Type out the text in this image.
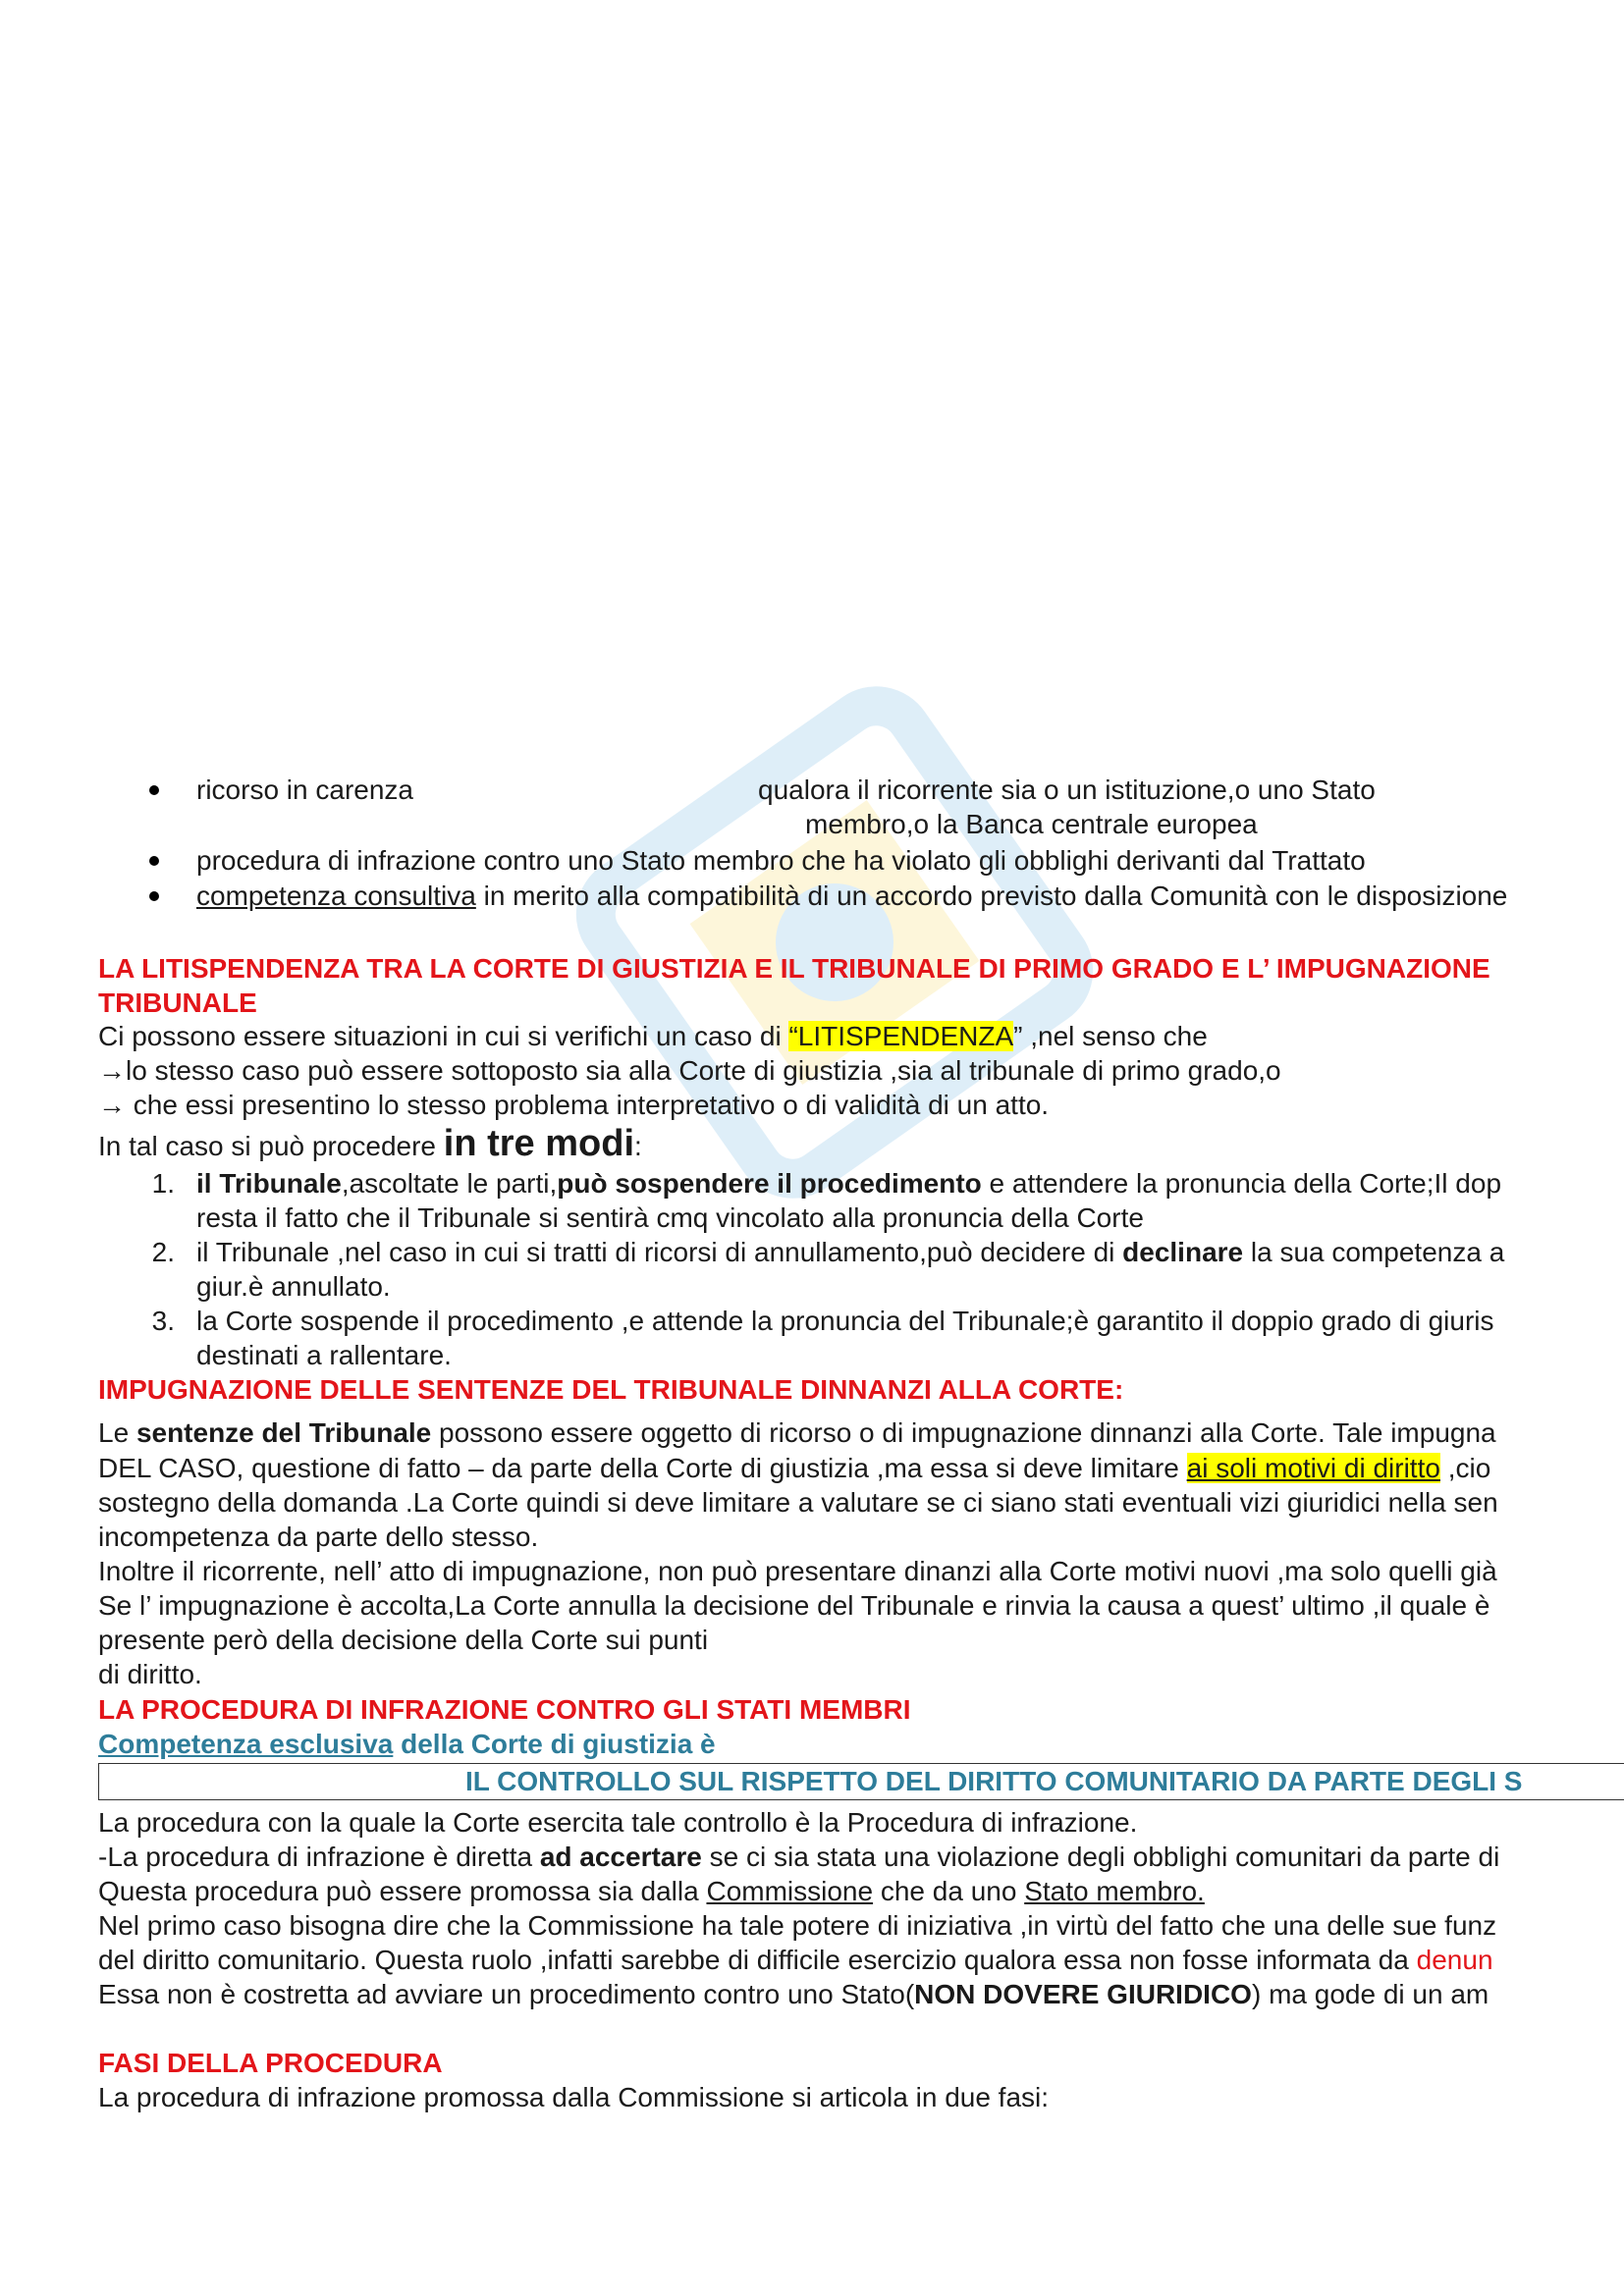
ricorso in carenza	qualora il ricorrente sia o un istituzione,o uno Stato
membro,o la Banca centrale europea
procedura di infrazione contro uno Stato membro che ha violato gli obblighi derivanti dal Trattato
competenza consultiva in merito alla compatibilità di un accordo previsto dalla Comunità con le disposizione
LA LITISPENDENZA TRA LA CORTE DI GIUSTIZIA E IL TRIBUNALE DI PRIMO GRADO E L’ IMPUGNAZIONE
TRIBUNALE
Ci possono essere situazioni in cui si verifichi un caso di “LITISPENDENZA” ,nel senso che
→lo stesso caso può essere sottoposto sia alla Corte di giustizia ,sia al tribunale di primo grado,o
→ che essi presentino lo stesso problema interpretativo o di validità di un atto.
In tal caso si può procedere in tre modi:
1. il Tribunale,ascoltate le parti,può sospendere il procedimento e attendere la pronuncia della Corte;Il dop
resta il fatto che il Tribunale si sentirà cmq vincolato alla pronuncia della Corte
2. il Tribunale ,nel caso in cui si tratti di ricorsi di annullamento,può decidere di declinare la sua competenza a
giur.è annullato.
3. la Corte sospende il procedimento ,e attende la pronuncia del Tribunale;è garantito il doppio grado di giuris
destinati a rallentare.
IMPUGNAZIONE DELLE SENTENZE DEL TRIBUNALE DINNANZI ALLA CORTE:
Le sentenze del Tribunale possono essere oggetto di ricorso o di impugnazione dinnanzi alla Corte. Tale impugna
DEL CASO, questione di fatto – da parte della Corte di giustizia ,ma essa si deve limitare ai soli motivi di diritto ,cio
sostegno della domanda .La Corte quindi si deve limitare a valutare se ci siano stati eventuali vizi giuridici nella sen
incompetenza da parte dello stesso.
Inoltre il ricorrente, nell’ atto di impugnazione, non può presentare dinanzi alla Corte motivi nuovi ,ma solo quelli già
Se l’ impugnazione è accolta,La Corte annulla la decisione del Tribunale e rinvia la causa a quest’ ultimo ,il quale è
presente però della decisione della Corte sui punti
di diritto.
LA PROCEDURA DI INFRAZIONE CONTRO GLI STATI MEMBRI
Competenza esclusiva della Corte di giustizia è
IL CONTROLLO SUL RISPETTO DEL DIRITTO COMUNITARIO DA PARTE DEGLI S
La procedura con la quale la Corte esercita tale controllo è la Procedura di infrazione.
-La procedura di infrazione è diretta ad accertare se ci sia stata una violazione degli obblighi comunitari da parte di
Questa procedura può essere promossa sia dalla Commissione che da uno Stato membro.
Nel primo caso bisogna dire che la Commissione ha tale potere di iniziativa ,in virtù del fatto che una delle sue funz
del diritto comunitario. Questa ruolo ,infatti sarebbe di difficile esercizio qualora essa non fosse informata da denun
Essa non è costretta ad avviare un procedimento contro uno Stato(NON DOVERE GIURIDICO) ma gode di un am
FASI DELLA PROCEDURA
La procedura di infrazione promossa dalla Commissione si articola in due fasi:
